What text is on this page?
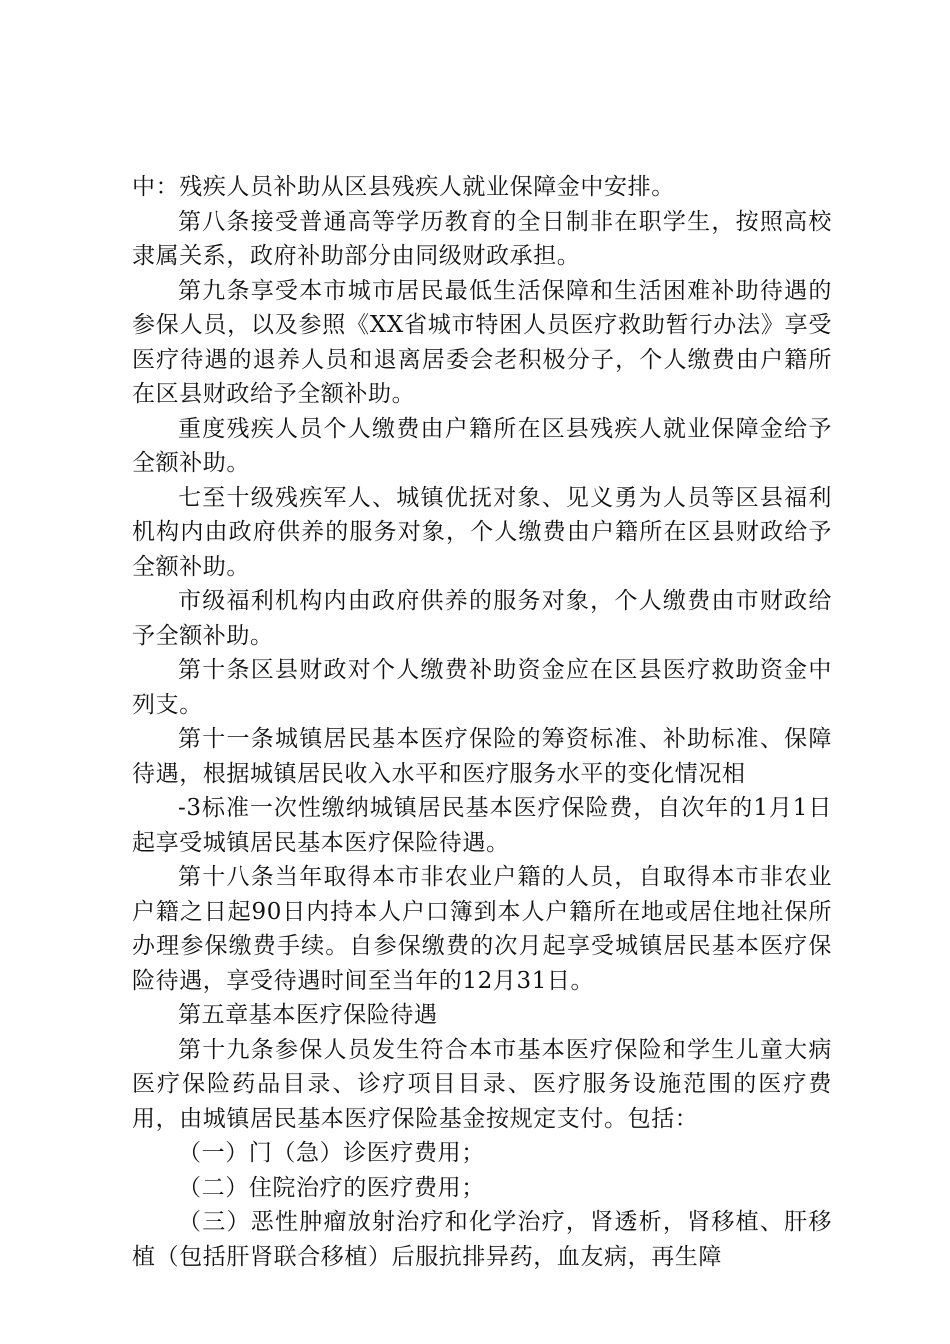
中：残疾人员补助从区县残疾人就业保障金中安排。

第八条接受普通高等学历教育的全日制非在职学生，按照高校隶属关系，政府补助部分由同级财政承担。

第九条享受本市城市居民最低生活保障和生活困难补助待遇的参保人员，以及参照《XX省城市特困人员医疗救助暂行办法》享受医疗待遇的退养人员和退离居委会老积极分子，个人缴费由户籍所在区县财政给予全额补助。

重度残疾人员个人缴费由户籍所在区县残疾人就业保障金给予全额补助。

七至十级残疾军人、城镇优抚对象、见义勇为人员等区县福利机构内由政府供养的服务对象，个人缴费由户籍所在区县财政给予全额补助。

市级福利机构内由政府供养的服务对象，个人缴费由市财政给予全额补助。

第十条区县财政对个人缴费补助资金应在区县医疗救助资金中列支。

第十一条城镇居民基本医疗保险的筹资标准、补助标准、保障待遇，根据城镇居民收入水平和医疗服务水平的变化情况相

-3标准一次性缴纳城镇居民基本医疗保险费，自次年的1月1日起享受城镇居民基本医疗保险待遇。

第十八条当年取得本市非农业户籍的人员，自取得本市非农业户籍之日起90日内持本人户口簿到本人户籍所在地或居住地社保所办理参保缴费手续。自参保缴费的次月起享受城镇居民基本医疗保险待遇，享受待遇时间至当年的12月31日。

第五章基本医疗保险待遇

第十九条参保人员发生符合本市基本医疗保险和学生儿童大病医疗保险药品目录、诊疗项目目录、医疗服务设施范围的医疗费用，由城镇居民基本医疗保险基金按规定支付。包括：

（一）门（急）诊医疗费用；

（二）住院治疗的医疗费用；

（三）恶性肿瘤放射治疗和化学治疗，肾透析，肾移植、肝移植（包括肝肾联合移植）后服抗排异药，血友病，再生障
